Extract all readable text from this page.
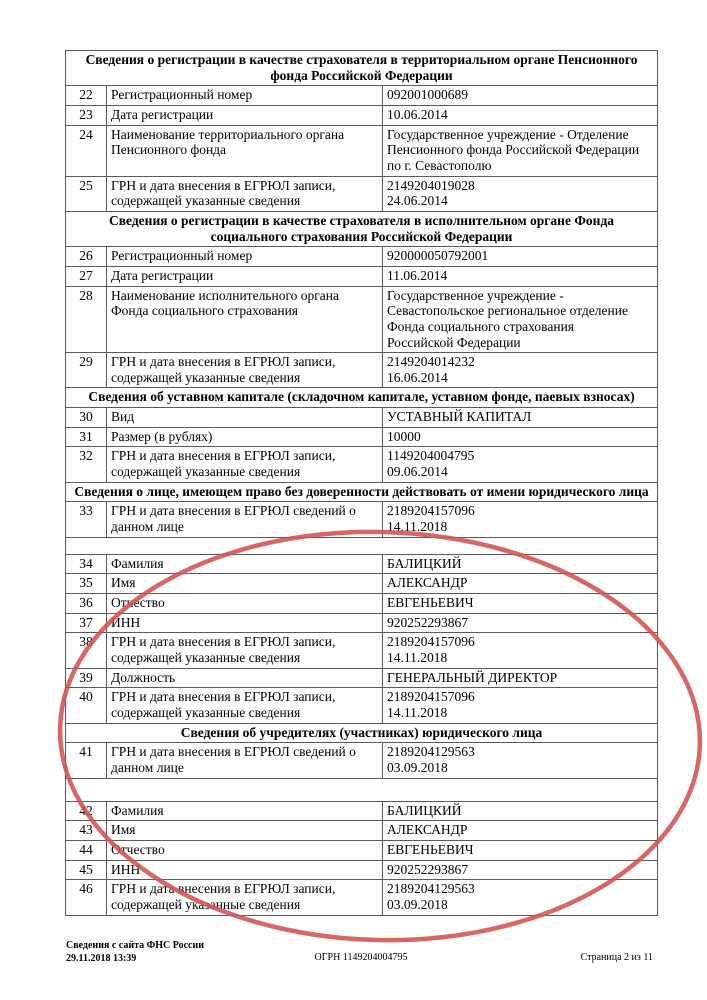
Сведения о регистрации в качестве страхователя в территориальном органе Пенсионного фонда Российской Федерации		
22	Регистрационный номер	092001000689

23	Дата регистрации	10.06.2014

24	Наименование территориального органа Пенсионного фонда	Государственное учреждение - Отделение
Пенсионного фонда Российской Федерации
по г. Севастополю

25	ГРН и дата внесения в ЕГРЮЛ записи, содержащей указанные сведения	2149204019028
24.06.2014

Сведения о регистрации в качестве страхователя в исполнительном органе Фонда социального страхования Российской Федерации		
26	Регистрационный номер	920000050792001

27	Дата регистрации	11.06.2014

28	Наименование исполнительного органа Фонда социального страхования	Государственное учреждение -
Севастопольское региональное отделение
Фонда социального страхования
Российской Федерации

29	ГРН и дата внесения в ЕГРЮЛ записи, содержащей указанные сведения	2149204014232
16.06.2014

Сведения об уставном капитале (складочном капитале, уставном фонде, паевых взносах)		
30	Вид	УСТАВНЫЙ КАПИТАЛ

31	Размер (в рублях)	10000

32	ГРН и дата внесения в ЕГРЮЛ записи, содержащей указанные сведения	1149204004795
09.06.2014

Сведения о лице, имеющем право без доверенности действовать от имени юридического лица		
33	ГРН и дата внесения в ЕГРЮЛ сведений о данном лице	2189204157096
14.11.2018

34	Фамилия	БАЛИЦКИЙ

35	Имя	АЛЕКСАНДР

36	Отчество	ЕВГЕНЬЕВИЧ

37	ИНН	920252293867

38	ГРН и дата внесения в ЕГРЮЛ записи, содержащей указанные сведения	2189204157096
14.11.2018

39	Должность	ГЕНЕРАЛЬНЫЙ ДИРЕКТОР

40	ГРН и дата внесения в ЕГРЮЛ записи, содержащей указанные сведения	2189204157096
14.11.2018

Сведения об учредителях (участниках) юридического лица		
41	ГРН и дата внесения в ЕГРЮЛ сведений о данном лице	2189204129563
03.09.2018

42	Фамилия	БАЛИЦКИЙ

43	Имя	АЛЕКСАНДР

44	Отчество	ЕВГЕНЬЕВИЧ

45	ИНН	920252293867

46	ГРН и дата внесения в ЕГРЮЛ записи, содержащей указанные сведения	2189204129563
03.09.2018
Сведения с сайта ФНС России
29.11.2018 13:39	ОГРН 1149204004795	Страница 2 из 11
